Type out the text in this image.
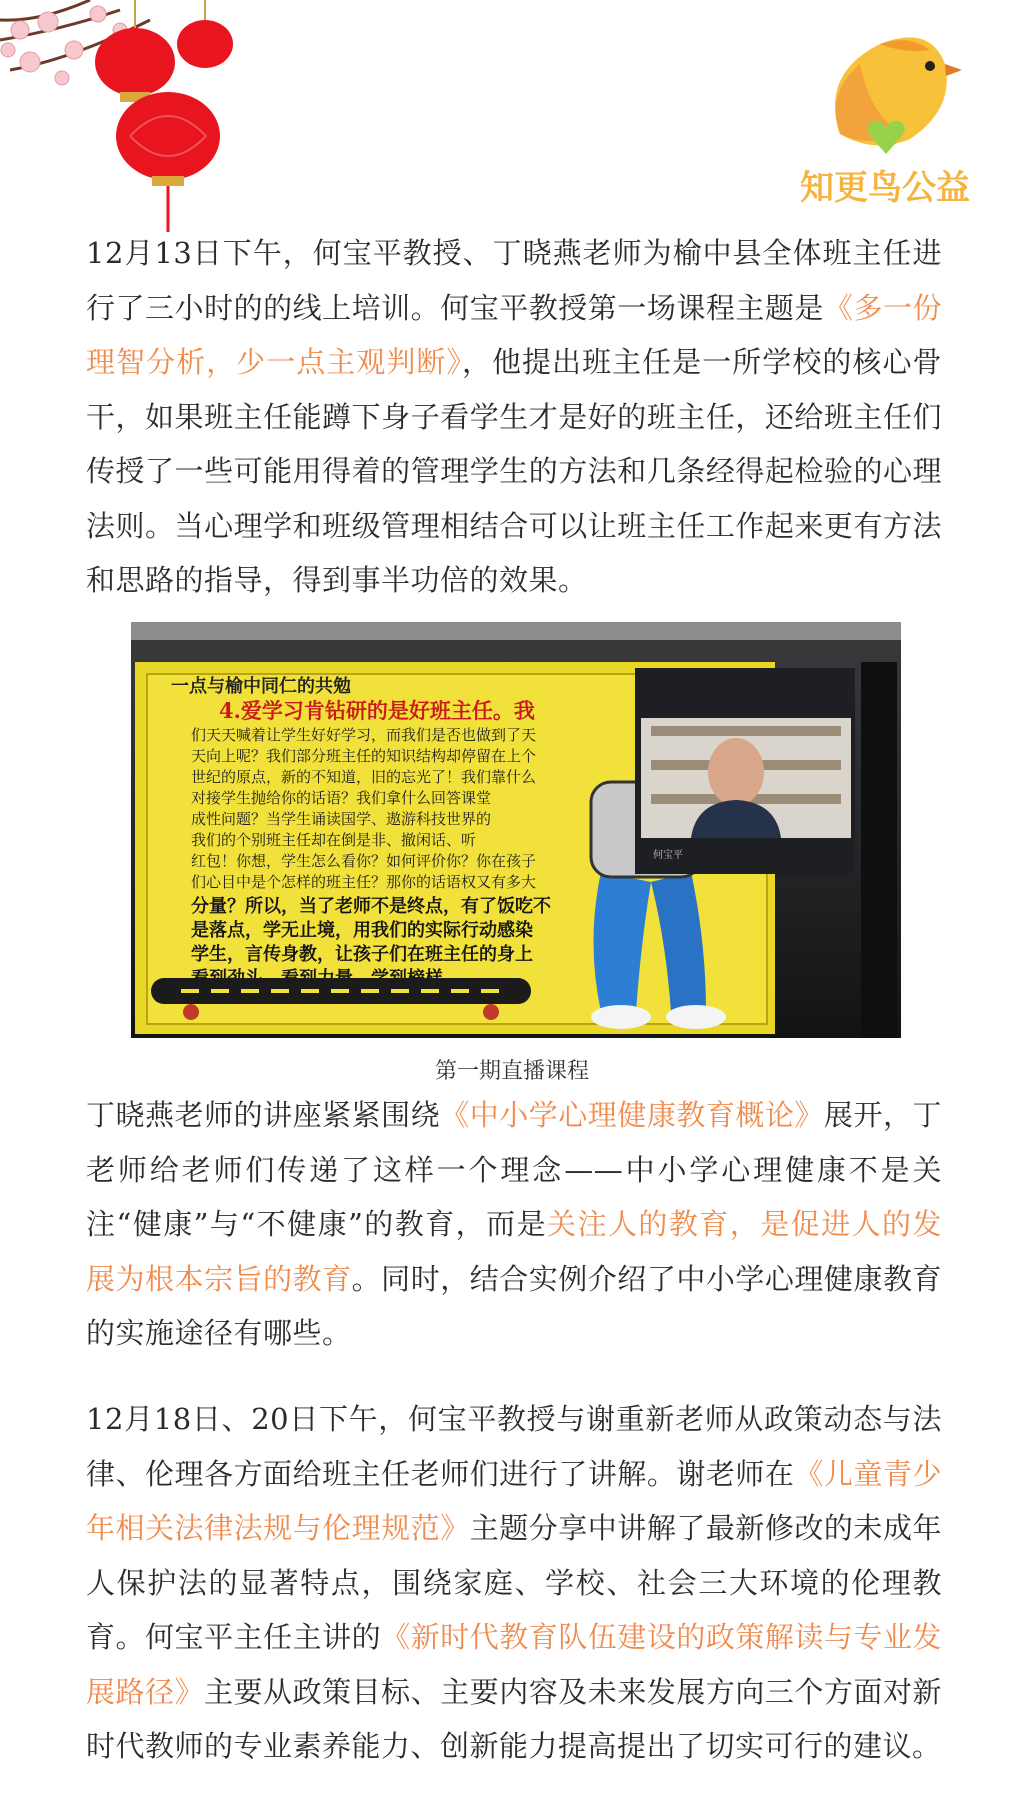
知更鸟公益

12月13日下午，何宝平教授、丁晓燕老师为榆中县全体班主任进行了三小时的的线上培训。何宝平教授第一场课程主题是《多一份理智分析，少一点主观判断》，他提出班主任是一所学校的核心骨干，如果班主任能蹲下身子看学生才是好的班主任，还给班主任们传授了一些可能用得着的管理学生的方法和几条经得起检验的心理法则。当心理学和班级管理相结合可以让班主任工作起来更有方法和思路的指导，得到事半功倍的效果。

一点与榆中同仁的共勉
4.爱学习肯钻研的是好班主任。我
们天天喊着让学生好好学习，而我们是否也做到了天
天向上呢？我们部分班主任的知识结构却停留在上个
世纪的原点，新的不知道，旧的忘光了！我们靠什么
对接学生抛给你的话语？我们拿什么回答课堂
成性问题？当学生诵读国学、遨游科技世界的
我们的个别班主任却在倒是非、撤闲话、听
红包！你想，学生怎么看你？如何评价你？你在孩子
们心目中是个怎样的班主任？那你的话语权又有多大
分量？所以，当了老师不是终点，有了饭吃不
是落点，学无止境，用我们的实际行动感染
学生，言传身教，让孩子们在班主任的身上
何宝平
第一期直播课程

丁晓燕老师的讲座紧紧围绕《中小学心理健康教育概论》展开，丁老师给老师们传递了这样一个理念——中小学心理健康不是关注“健康”与“不健康”的教育，而是关注人的教育，是促进人的发展为根本宗旨的教育。同时，结合实例介绍了中小学心理健康教育的实施途径有哪些。

12月18日、20日下午，何宝平教授与谢重新老师从政策动态与法律、伦理各方面给班主任老师们进行了讲解。谢老师在《儿童青少年相关法律法规与伦理规范》主题分享中讲解了最新修改的未成年人保护法的显著特点，围绕家庭、学校、社会三大环境的伦理教育。何宝平主任主讲的《新时代教育队伍建设的政策解读与专业发展路径》主要从政策目标、主要内容及未来发展方向三个方面对新时代教师的专业素养能力、创新能力提高提出了切实可行的建议。
